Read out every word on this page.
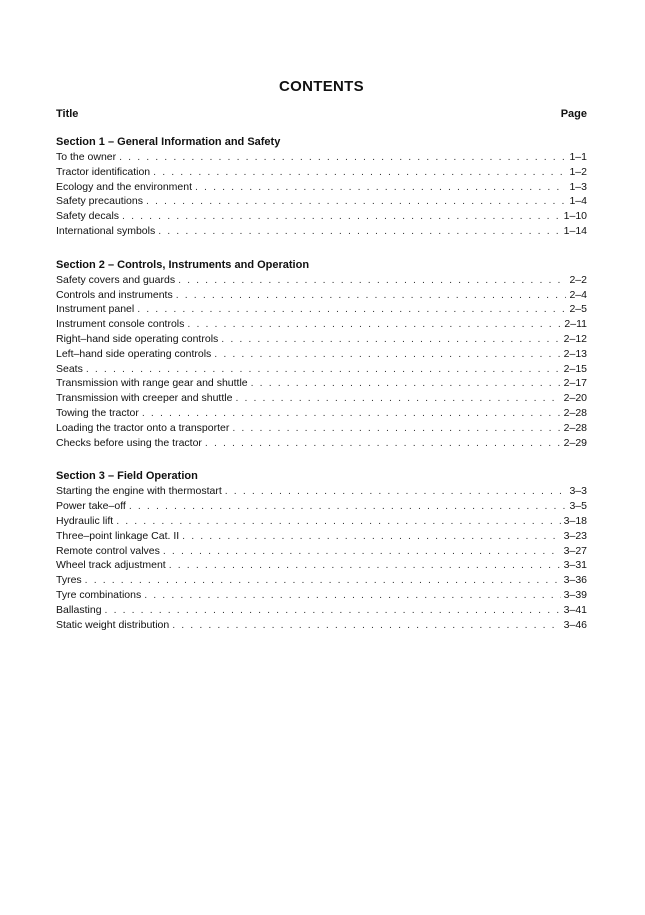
CONTENTS
Title	Page
Section 1 – General Information and Safety
To the owner . . .	1–1
Tractor identification . . .	1–2
Ecology and the environment . . .	1–3
Safety precautions . . .	1–4
Safety decals . . .	1–10
International symbols . . .	1–14
Section 2 – Controls, Instruments and Operation
Safety covers and guards . . .	2–2
Controls and instruments . . .	2–4
Instrument panel . . .	2–5
Instrument console controls . . .	2–11
Right–hand side operating controls . . .	2–12
Left–hand side operating controls . . .	2–13
Seats . . .	2–15
Transmission with range gear and shuttle . . .	2–17
Transmission with creeper and shuttle . . .	2–20
Towing the tractor . . .	2–28
Loading the tractor onto a transporter . . .	2–28
Checks before using the tractor . . .	2–29
Section 3 – Field Operation
Starting the engine with thermostart . . .	3–3
Power take–off . . .	3–5
Hydraulic lift . . .	3–18
Three–point linkage Cat. II . . .	3–23
Remote control valves . . .	3–27
Wheel track adjustment . . .	3–31
Tyres . . .	3–36
Tyre combinations . . .	3–39
Ballasting . . .	3–41
Static weight distribution . . .	3–46
